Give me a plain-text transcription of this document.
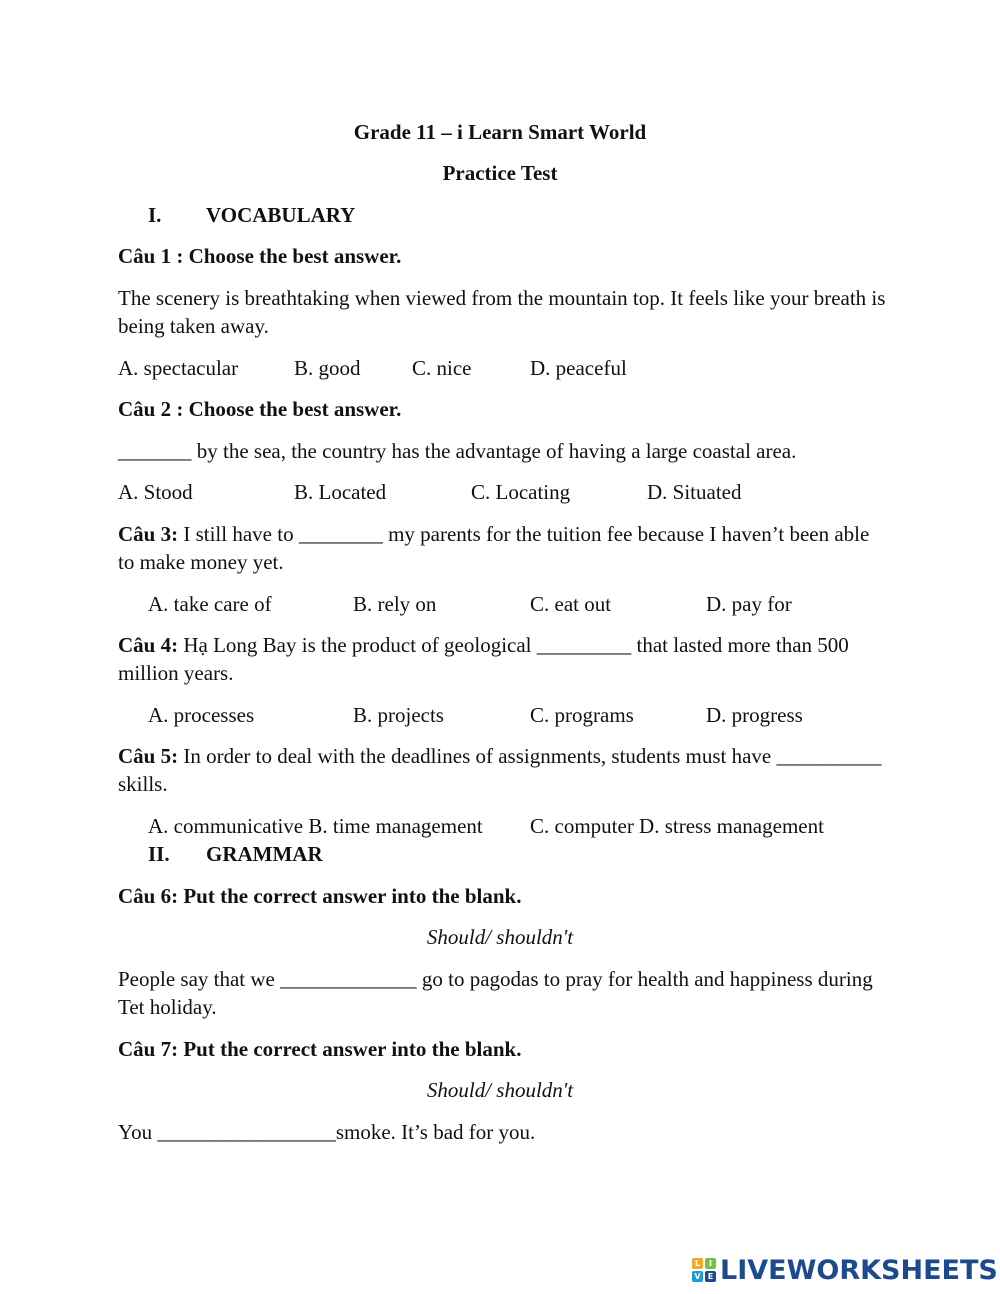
Grade 11 – i Learn Smart World
Practice Test
I. VOCABULARY
Câu 1 : Choose the best answer.
The scenery is breathtaking when viewed from the mountain top. It feels like your breath is being taken away.
A. spectacular	B. good C. nice	D. peaceful
Câu 2 : Choose the best answer.
_______ by the sea, the country has the advantage of having a large coastal area.
A. Stood	B. Located	C. Locating	D. Situated
Câu 3: I still have to ________ my parents for the tuition fee because I haven’t been able to make money yet.
A. take care of	B. rely on	C. eat out	D. pay for
Câu 4: Hạ Long Bay is the product of geological _________ that lasted more than 500 million years.
A. processes	B. projects	C. programs	D. progress
Câu 5: In order to deal with the deadlines of assignments, students must have __________ skills.
A. communicative B. time management C. computer D. stress management
II. GRAMMAR
Câu 6: Put the correct answer into the blank.
Should/ shouldn't
People say that we _____________ go to pagodas to pray for health and happiness during Tet holiday.
Câu 7: Put the correct answer into the blank.
Should/ shouldn't
You _________________smoke. It’s bad for you.
L	I
V E LIVEWORKSHEETS
